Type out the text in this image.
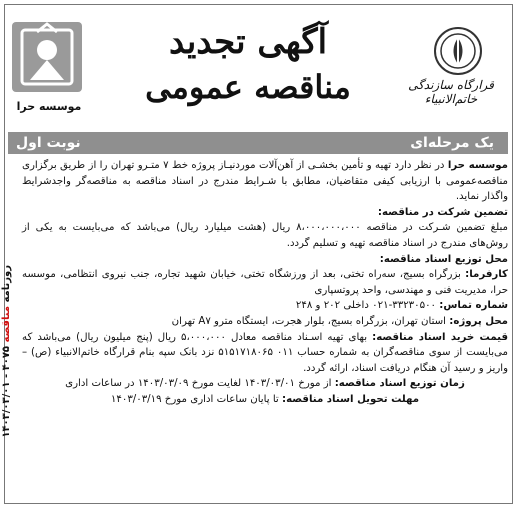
موسسه حرا
آگهی تجدید
مناقصه عمومی	قرارگاه سازندگی خاتم‌الانبیاء
نوبت اول	یک مرحله‌ای
روزنامه مناقصه ۴۰۷۵ - ۱۴۰۳/۰۳/۰۱

موسسه حرا در نظر دارد تهیه و تأمین بخشـی از آهن‌آلات موردنیـاز پروژه خط ۷ متـرو تهران را از طریق برگزاری مناقصه‌عمومی با ارزیابی کیفی متقاضیان، مطابق با شـرایط مندرج در اسناد مناقصه به مناقصه‌گر واجدشرایط واگذار نماید.

تضمین شرکت در مناقصه:

مبلغ تضمین شـرکت در مناقصه ۸،۰۰۰،۰۰۰،۰۰۰ ریال (هشت میلیارد ریال) می‌باشد که می‌بایست به یکی از روش‌های مندرج در اسناد مناقصه تهیه و تسلیم گردد.

محل توزیع اسناد مناقصه:

کارفرما: بزرگراه بسیج، سه‌راه تختی، بعد از ورزشگاه تختی، خیابان شهید تجاره، جنب نیروی انتظامی، موسسه حرا، مدیریت فنی و مهندسی، واحد پروتسپاری

شماره تماس: ۳۳۲۳۰۵۰۰-۰۲۱ داخلی ۲۰۲ و ۲۴۸

محل پروژه: استان تهران، بزرگراه بسیج، بلوار هجرت، ایستگاه مترو A۷ تهران

قیمت خرید اسناد مناقصه: بهای تهیه اسـناد مناقصه معادل ۵،۰۰۰،۰۰۰ ریال (پنج میلیون ریال) می‌باشد که می‌بایست از سوی مناقصه‌گران به شماره حساب ۰۱۱ ۵۱۵۱۷۱۸۰۶۵ نزد بانک سپه بنام قرارگاه خاتم‌الانبیاء (ص) – واریز و رسید آن هنگام دریافت اسناد، ارائه گردد.

زمان توزیع اسناد مناقصه: از مورخ ۱۴۰۳/۰۳/۰۱ لغایت مورخ ۱۴۰۳/۰۳/۰۹ در ساعات اداری

مهلت تحویل اسناد مناقصه: تا پایان ساعات اداری مورخ ۱۴۰۳/۰۳/۱۹
